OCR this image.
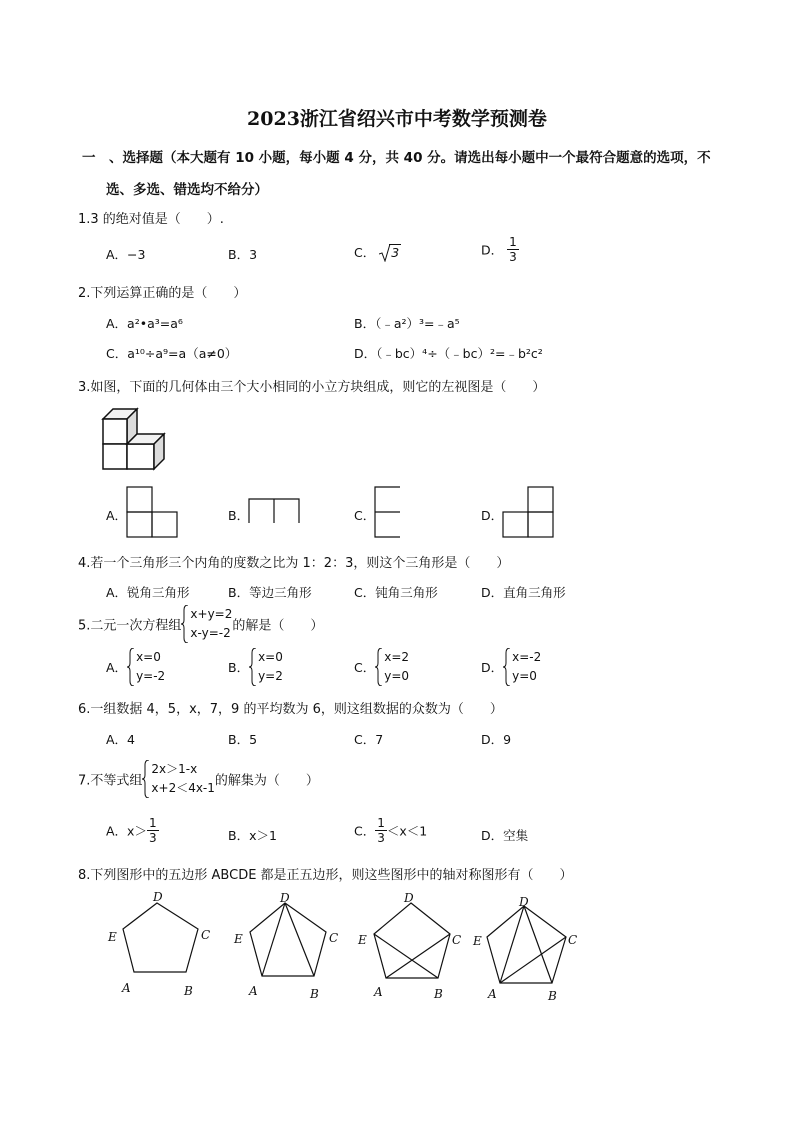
2023浙江省绍兴市中考数学预测卷
一　、选择题（本大题有 10 小题，每小题 4 分，共 40 分。请选出每小题中一个最符合题意的选项，不
选、多选、错选均不给分）
1.3 的绝对值是（　　）.
A．−3	B．3	C． 3	D． $\frac{1}{3}$
2.下列运算正确的是（　　）
A．a²•a³=a⁶	B．（﹣a²）³=﹣a⁵
C．a¹⁰÷a⁹=a（a≠0）	D．（﹣bc）⁴÷（﹣bc）²=﹣b²c²
3.如图，下面的几何体由三个大小相同的小立方块组成，则它的左视图是（　　）
A．	B．	C．	D．
4.若一个三角形三个内角的度数之比为 1：2：3，则这个三角形是（　　）
A．锐角三角形	B．等边三角形	C．钝角三角形	D．直角三角形
5.二元一次方程组
x+y=2
x-y=-2 的解是（　　）
A．
x=0
y=-2
B．
x=0
y=2
C．
x=2
y=0
D．
x=-2
y=0
6.一组数据 4，5，x，7，9 的平均数为 6，则这组数据的众数为（　　）
A．4	B．5	C．7	D．9
7.不等式组
2x＞1-x
x+2＜4x-1 的解集为（　　）
A．$x> \frac{1}{3}$	B．x＞1	C． $\frac{1}{3} <x<1$	D．空集
8.下列图形中的五边形 ABCDE 都是正五边形，则这些图形中的轴对称图形有（　　）
D
C
E
A	B
D
C
E
A	B
D
C
E
A	B
D
C
E
A	B
